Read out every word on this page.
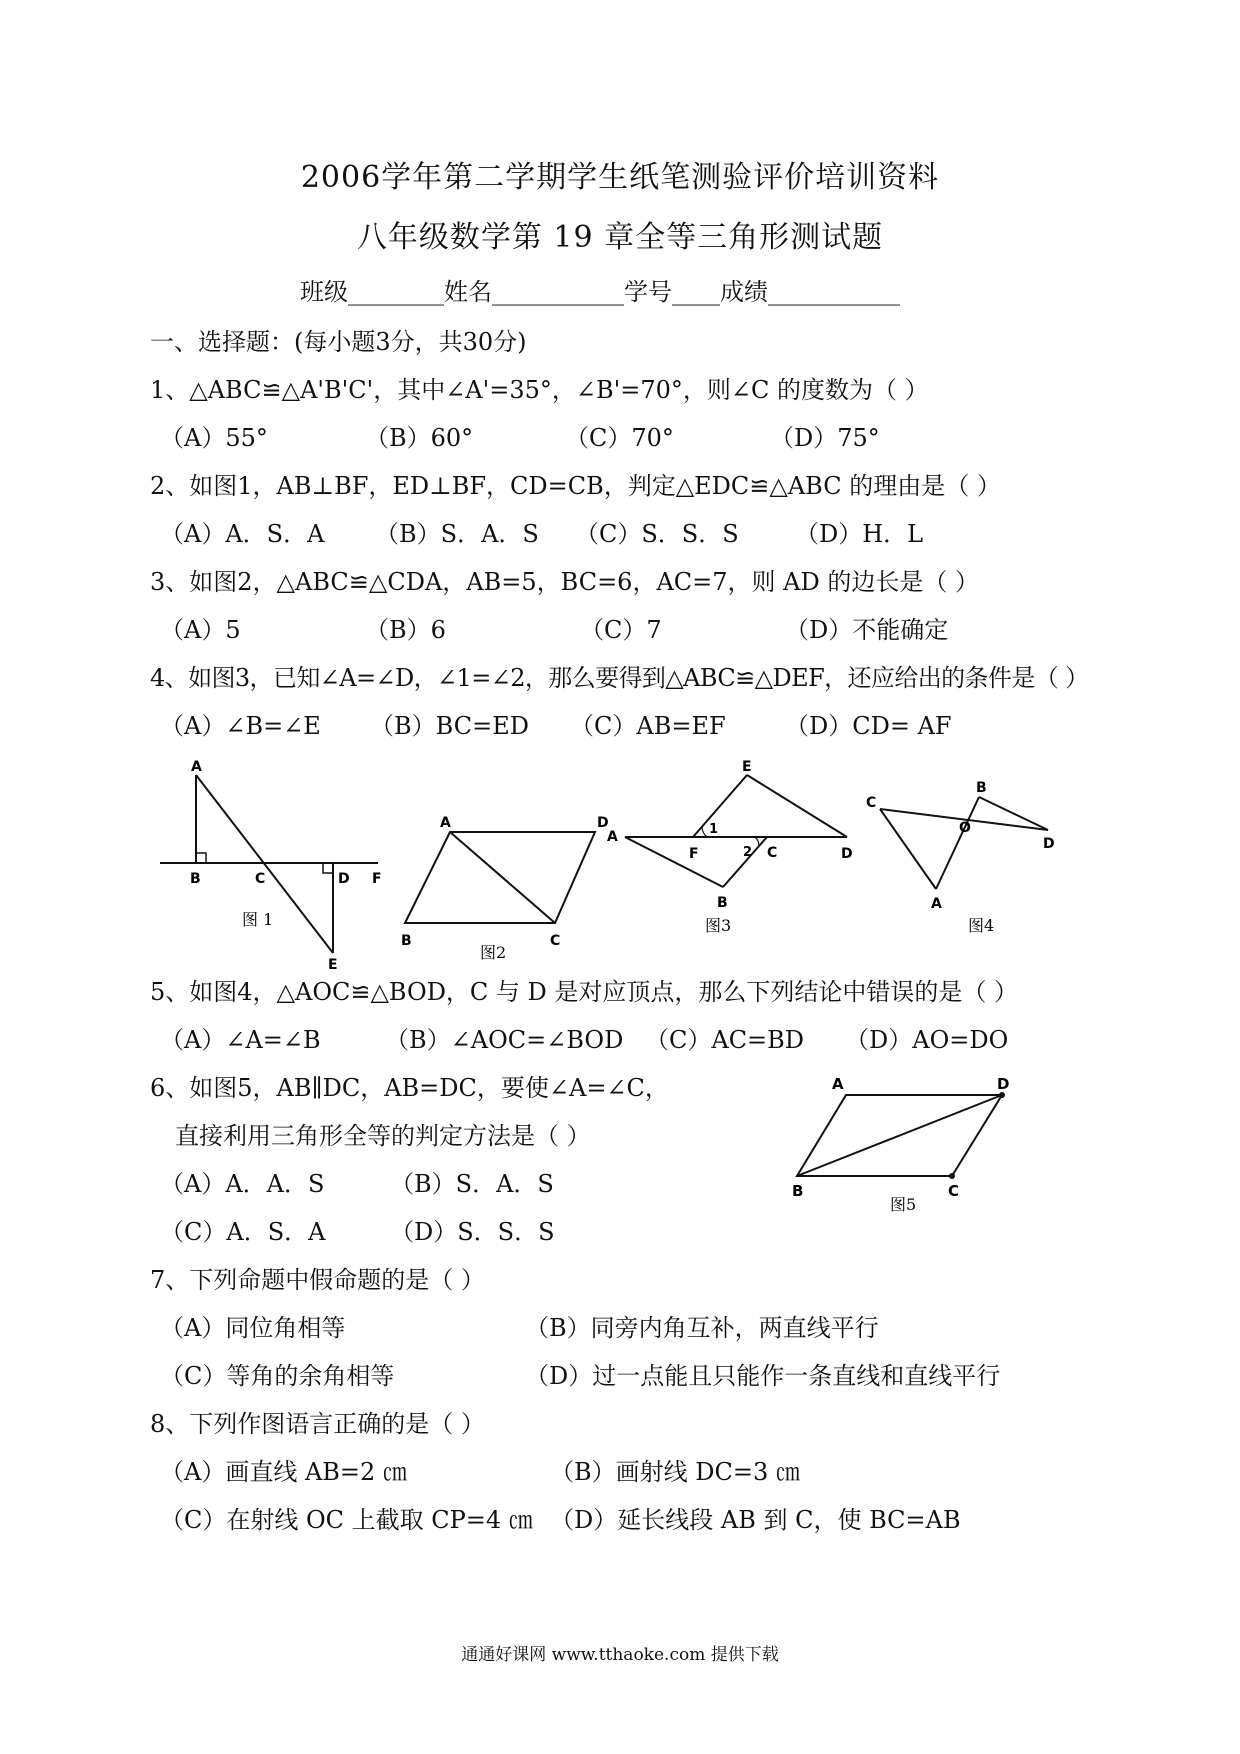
2006学年第二学期学生纸笔测验评价培训资料
八年级数学第 19 章全等三角形测试题
班级________姓名___________学号____成绩___________
一、选择题：(每小题3分，共30分)
1、△ABC≌△A'B'C'，其中∠A'=35°，∠B'=70°，则∠C 的度数为（ ）
（A）55°	（B）60°	（C）70°	（D）75°
2、如图1，AB⊥BF，ED⊥BF，CD=CB，判定△EDC≌△ABC 的理由是（ ）
（A）A．S．A （B）S．A．S （C）S．S．S （D）H．L
3、如图2，△ABC≌△CDA，AB=5，BC=6，AC=7，则 AD 的边长是（ ）
（A）5	（B）6	（C）7	（D）不能确定
4、如图3，已知∠A=∠D，∠1=∠2，那么要得到△ABC≌△DEF，还应给出的条件是（ ）
（A）∠B=∠E （B）BC=ED （C）AB=EF （D）CD= AF
A
B	C	D F
E
图 1
A	D
B	C
图2
E
A
F
1
2 C	D
B
图3
B
C
O
D
A
图4
5、如图4，△AOC≌△BOD，C 与 D 是对应顶点，那么下列结论中错误的是（ ）
（A）∠A=∠B	（B）∠AOC=∠BOD （C）AC=BD （D）AO=DO
6、如图5，AB∥DC，AB=DC，要使∠A=∠C，
直接利用三角形全等的判定方法是（ ）
（A）A．A．S	（B）S．A．S
（C）A．S．A	（D）S．S．S
A	D
B	C
图5
7、下列命题中假命题的是（ ）
（A）同位角相等	（B）同旁内角互补，两直线平行
（C）等角的余角相等	（D）过一点能且只能作一条直线和直线平行
8、下列作图语言正确的是（ ）
（A）画直线 AB=2 ㎝	（B）画射线 DC=3 ㎝
（C）在射线 OC 上截取 CP=4 ㎝ （D）延长线段 AB 到 C，使 BC=AB
通通好课网 www.tthaoke.com 提供下载
